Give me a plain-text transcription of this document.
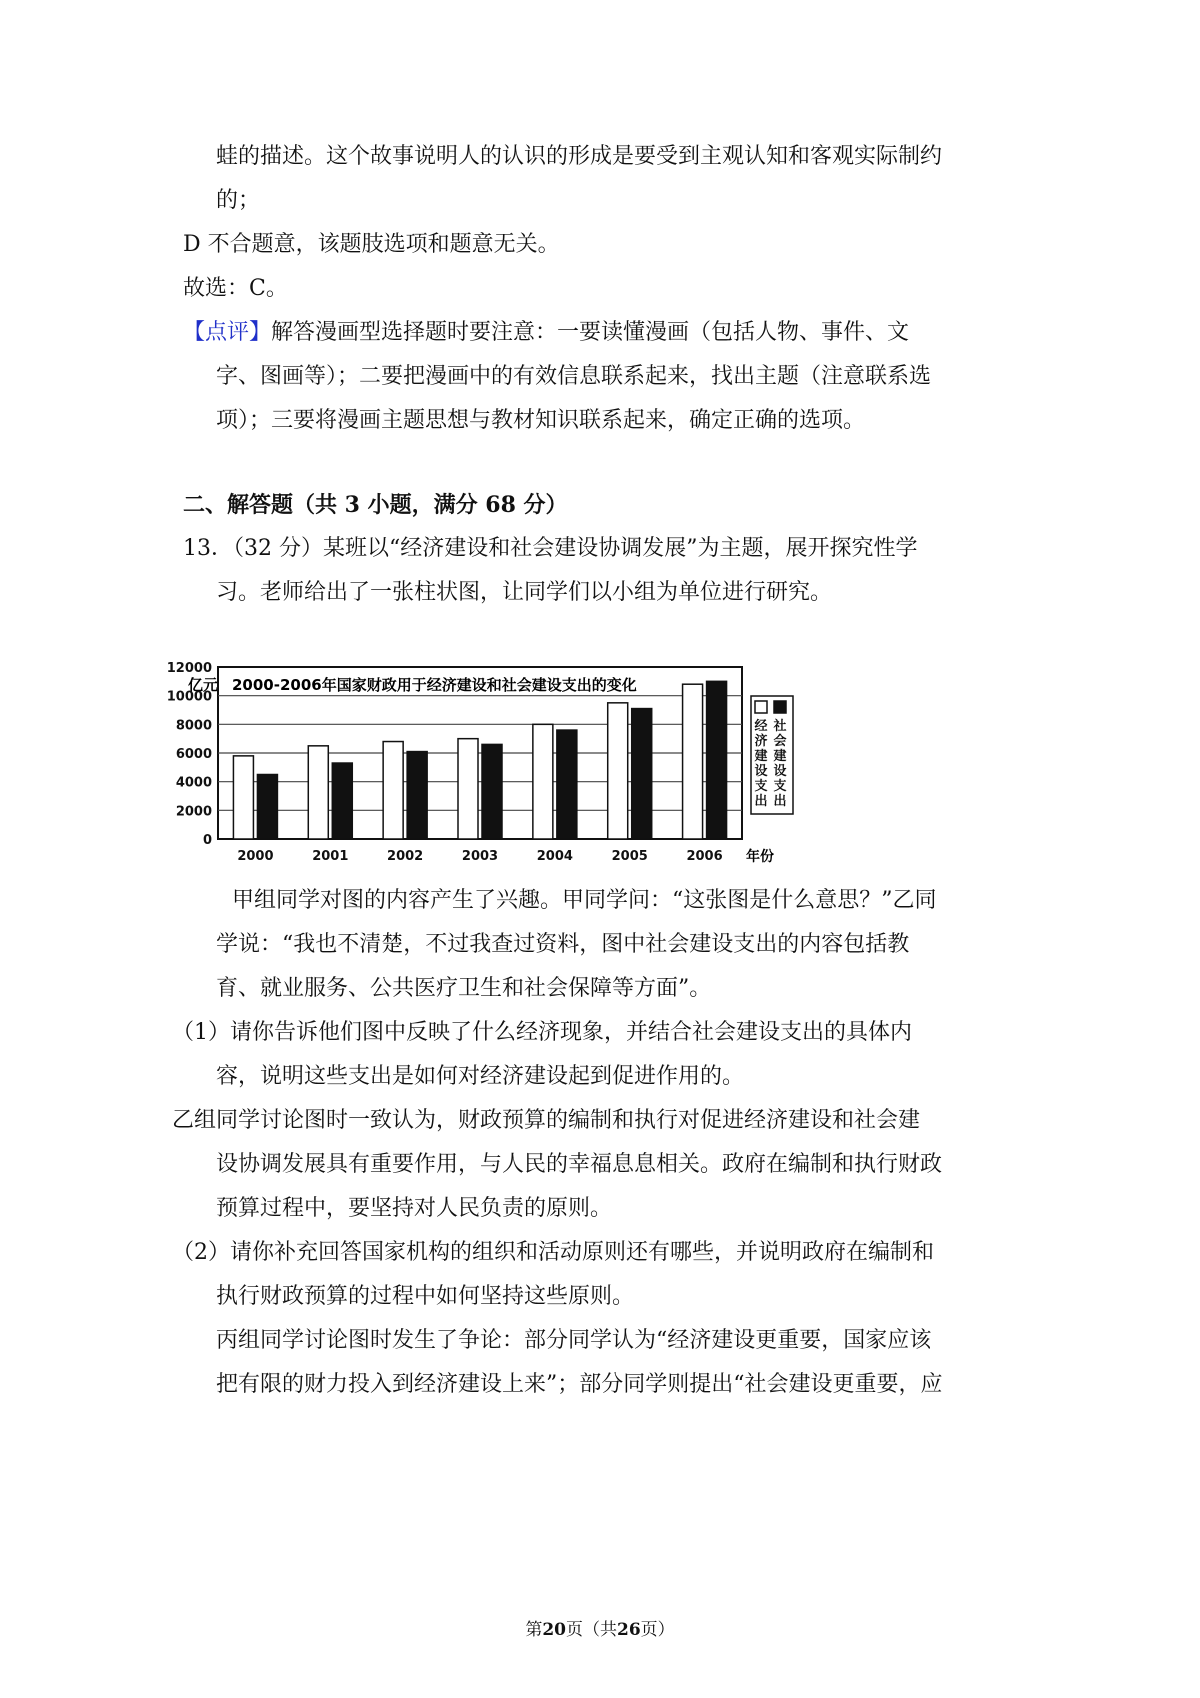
蛙的描述。这个故事说明人的认识的形成是要受到主观认知和客观实际制约
的；
D 不合题意，该题肢选项和题意无关。
故选：C。
【点评】解答漫画型选择题时要注意：一要读懂漫画（包括人物、事件、文
字、图画等）；二要把漫画中的有效信息联系起来，找出主题（注意联系选
项）；三要将漫画主题思想与教材知识联系起来，确定正确的选项。
二、解答题（共 3 小题，满分 68 分）
13．（32 分）某班以“经济建设和社会建设协调发展”为主题，展开探究性学
习。老师给出了一张柱状图，让同学们以小组为单位进行研究。
亿元 2000-2006年国家财政用于经济建设和社会建设支出的变化
0
2000
4000
6000
8000
10000
12000
2000	2001	2002	2003	2004	2005	2006 年份
经
济
建
设
支
出
社
会
建
设
支
出
甲组同学对图的内容产生了兴趣。甲同学问：“这张图是什么意思？”乙同
学说：“我也不清楚，不过我查过资料，图中社会建设支出的内容包括教
育、就业服务、公共医疗卫生和社会保障等方面”。
（1）请你告诉他们图中反映了什么经济现象，并结合社会建设支出的具体内
容，说明这些支出是如何对经济建设起到促进作用的。
乙组同学讨论图时一致认为，财政预算的编制和执行对促进经济建设和社会建
设协调发展具有重要作用，与人民的幸福息息相关。政府在编制和执行财政
预算过程中，要坚持对人民负责的原则。
（2）请你补充回答国家机构的组织和活动原则还有哪些，并说明政府在编制和
执行财政预算的过程中如何坚持这些原则。
丙组同学讨论图时发生了争论：部分同学认为“经济建设更重要，国家应该
把有限的财力投入到经济建设上来”；部分同学则提出“社会建设更重要，应
第20页（共26页）
